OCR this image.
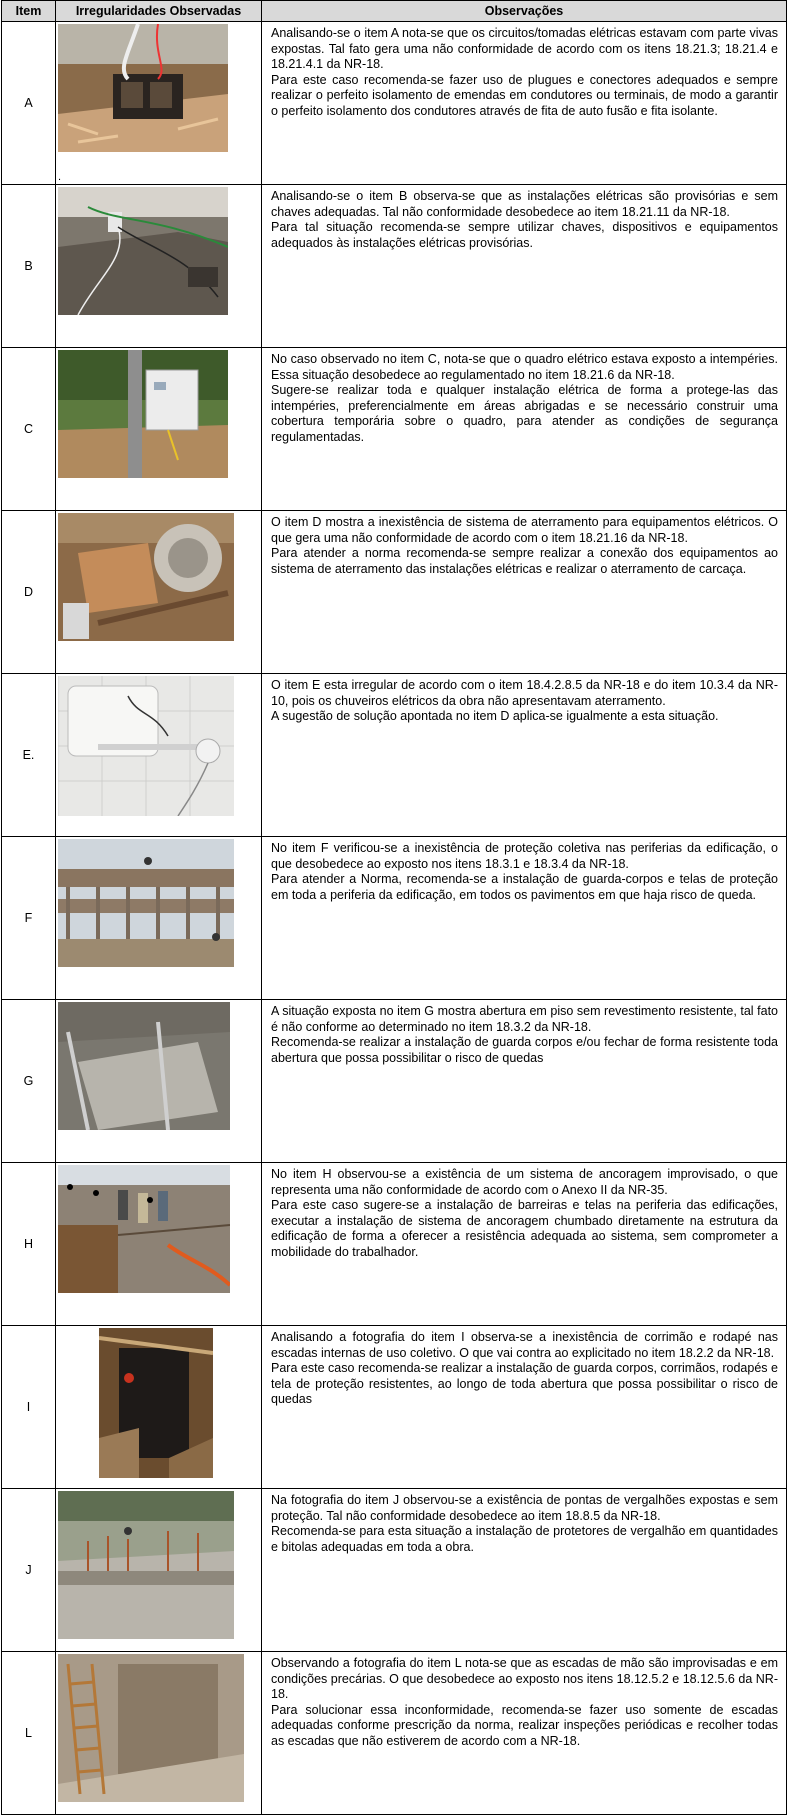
Item	Irregularidades Observadas	Observações
A	.	Analisando-se o item A nota-se que os circuitos/tomadas elétricas estavam com parte vivas expostas. Tal fato gera uma não conformidade de acordo com os itens 18.21.3; 18.21.4 e 18.21.4.1 da NR-18.

Para este caso recomenda-se fazer uso de plugues e conectores adequados e sempre realizar o perfeito isolamento de emendas em condutores ou terminais, de modo a garantir o perfeito isolamento dos condutores através de fita de auto fusão e fita isolante.

B		Analisando-se o item B observa-se que as instalações elétricas são provisórias e sem chaves adequadas. Tal não conformidade desobedece ao item 18.21.11 da NR-18.

Para tal situação recomenda-se sempre utilizar chaves, dispositivos e equipamentos adequados às instalações elétricas provisórias.

C		No caso observado no item C, nota-se que o quadro elétrico estava exposto a intempéries. Essa situação desobedece ao regulamentado no item 18.21.6 da NR-18.

Sugere-se realizar toda e qualquer instalação elétrica de forma a protege-las das intempéries, preferencialmente em áreas abrigadas e se necessário construir uma cobertura temporária sobre o quadro, para atender as condições de segurança regulamentadas.

D		O item D mostra a inexistência de sistema de aterramento para equipamentos elétricos. O que gera uma não conformidade de acordo com o item 18.21.16 da NR-18.

Para atender a norma recomenda-se sempre realizar a conexão dos equipamentos ao sistema de aterramento das instalações elétricas e realizar o aterramento de carcaça.

E.		O item E esta irregular de acordo com o item 18.4.2.8.5 da NR-18 e do item 10.3.4 da NR-10, pois os chuveiros elétricos da obra não apresentavam aterramento.

A sugestão de solução apontada no item D aplica-se igualmente a esta situação.

F		No item F verificou-se a inexistência de proteção coletiva nas periferias da edificação, o que desobedece ao exposto nos itens 18.3.1 e 18.3.4 da NR-18.

Para atender a Norma, recomenda-se a instalação de guarda-corpos e telas de proteção em toda a periferia da edificação, em todos os pavimentos em que haja risco de queda.

G		A situação exposta no item G mostra abertura em piso sem revestimento resistente, tal fato é não conforme ao determinado no item 18.3.2 da NR-18.

Recomenda-se realizar a instalação de guarda corpos e/ou fechar de forma resistente toda abertura que possa possibilitar o risco de quedas

H		No item H observou-se a existência de um sistema de ancoragem improvisado, o que representa uma não conformidade de acordo com o Anexo II da NR-35.

Para este caso sugere-se a instalação de barreiras e telas na periferia das edificações, executar a instalação de sistema de ancoragem chumbado diretamente na estrutura da edificação de forma a oferecer a resistência adequada ao sistema, sem comprometer a mobilidade do trabalhador.

I		Analisando a fotografia do item I observa-se a inexistência de corrimão e rodapé nas escadas internas de uso coletivo. O que vai contra ao explicitado no item 18.2.2 da NR-18.

Para este caso recomenda-se realizar a instalação de guarda corpos, corrimãos, rodapés e tela de proteção resistentes, ao longo de toda abertura que possa possibilitar o risco de quedas

J		Na fotografia do item J observou-se a existência de pontas de vergalhões expostas e sem proteção. Tal não conformidade desobedece ao item 18.8.5 da NR-18.

Recomenda-se para esta situação a instalação de protetores de vergalhão em quantidades e bitolas adequadas em toda a obra.

L		Observando a fotografia do item L nota-se que as escadas de mão são improvisadas e em condições precárias. O que desobedece ao exposto nos itens 18.12.5.2 e 18.12.5.6 da NR-18.

Para solucionar essa inconformidade, recomenda-se fazer uso somente de escadas adequadas conforme prescrição da norma, realizar inspeções periódicas e recolher todas as escadas que não estiverem de acordo com a NR-18.
